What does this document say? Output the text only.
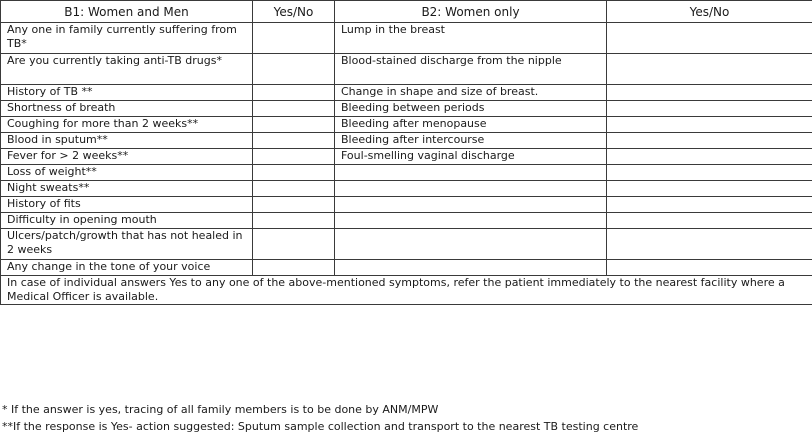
B1: Women and Men	Yes/No	B2: Women only	Yes/No
Any one in family currently suffering from TB*		Lump in the breast	
Are you currently taking anti-TB drugs*		Blood-stained discharge from the nipple	
History of TB **		Change in shape and size of breast.	
Shortness of breath		Bleeding between periods	
Coughing for more than 2 weeks**		Bleeding after menopause	
Blood in sputum**		Bleeding after intercourse	
Fever for > 2 weeks**		Foul-smelling vaginal discharge	
Loss of weight**			
Night sweats**			
History of fits			
Difficulty in opening mouth			
Ulcers/patch/growth that has not healed in 2 weeks			
Any change in the tone of your voice			
In case of individual answers Yes to any one of the above-mentioned symptoms, refer the patient immediately to the nearest facility where a Medical Officer is available.			
* If the answer is yes, tracing of all family members is to be done by ANM/MPW
**If the response is Yes- action suggested: Sputum sample collection and transport to the nearest TB testing centre
